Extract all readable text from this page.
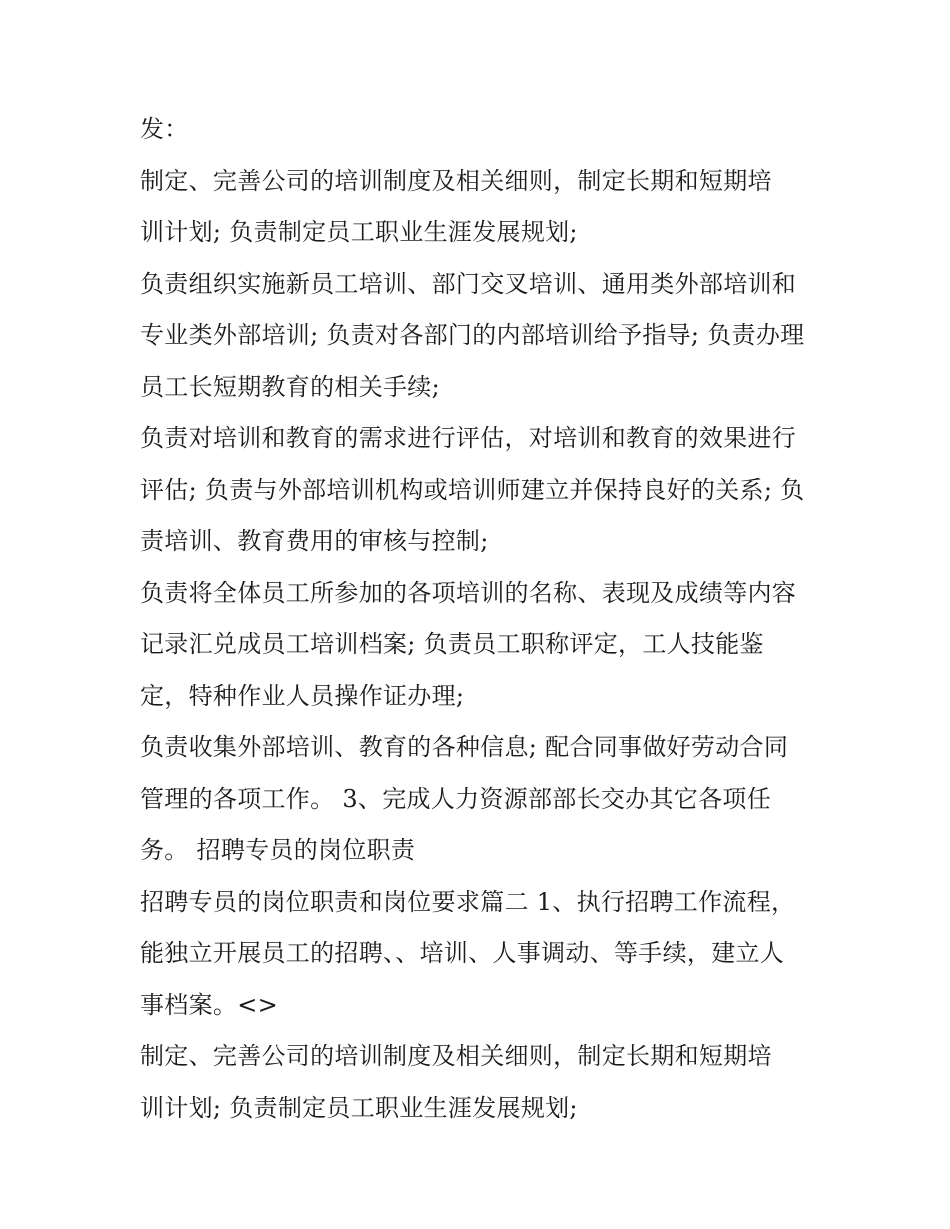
发：
制定、完善公司的培训制度及相关细则，制定长期和短期培
训计划; 负责制定员工职业生涯发展规划;
负责组织实施新员工培训、部门交叉培训、通用类外部培训和
专业类外部培训; 负责对各部门的内部培训给予指导; 负责办理
员工长短期教育的相关手续;
负责对培训和教育的需求进行评估，对培训和教育的效果进行
评估; 负责与外部培训机构或培训师建立并保持良好的关系; 负
责培训、教育费用的审核与控制;
负责将全体员工所参加的各项培训的名称、表现及成绩等内容
记录汇兑成员工培训档案; 负责员工职称评定，工人技能鉴
定，特种作业人员操作证办理;
负责收集外部培训、教育的各种信息; 配合同事做好劳动合同
管理的各项工作。 3、完成人力资源部部长交办其它各项任
务。 招聘专员的岗位职责
招聘专员的岗位职责和岗位要求篇二 1、执行招聘工作流程，
能独立开展员工的招聘、、培训、人事调动、等手续，建立人
事档案。<>
制定、完善公司的培训制度及相关细则，制定长期和短期培
训计划; 负责制定员工职业生涯发展规划;
